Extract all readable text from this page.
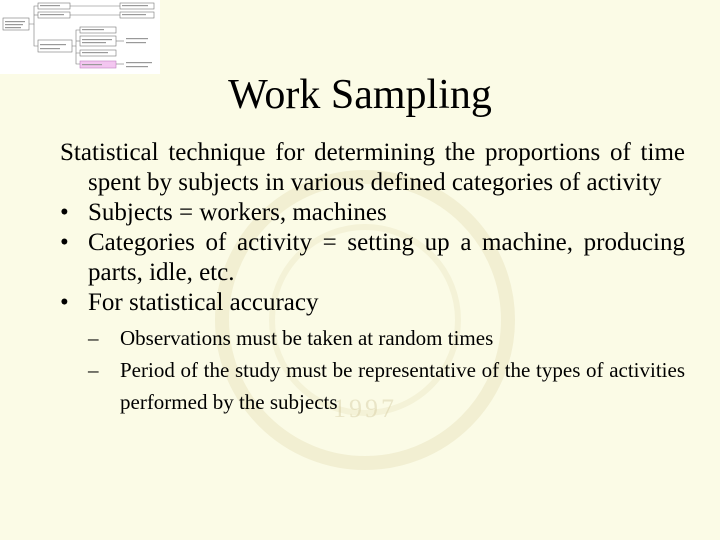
1997
Work Sampling

Statistical technique for determining the proportions of time spent by subjects in various defined categories of activity

• Subjects = workers, machines

• Categories of activity = setting up a machine, producing parts, idle, etc.

• For statistical accuracy

– Observations must be taken at random times

– Period of the study must be representative of the types of activities performed by the subjects
